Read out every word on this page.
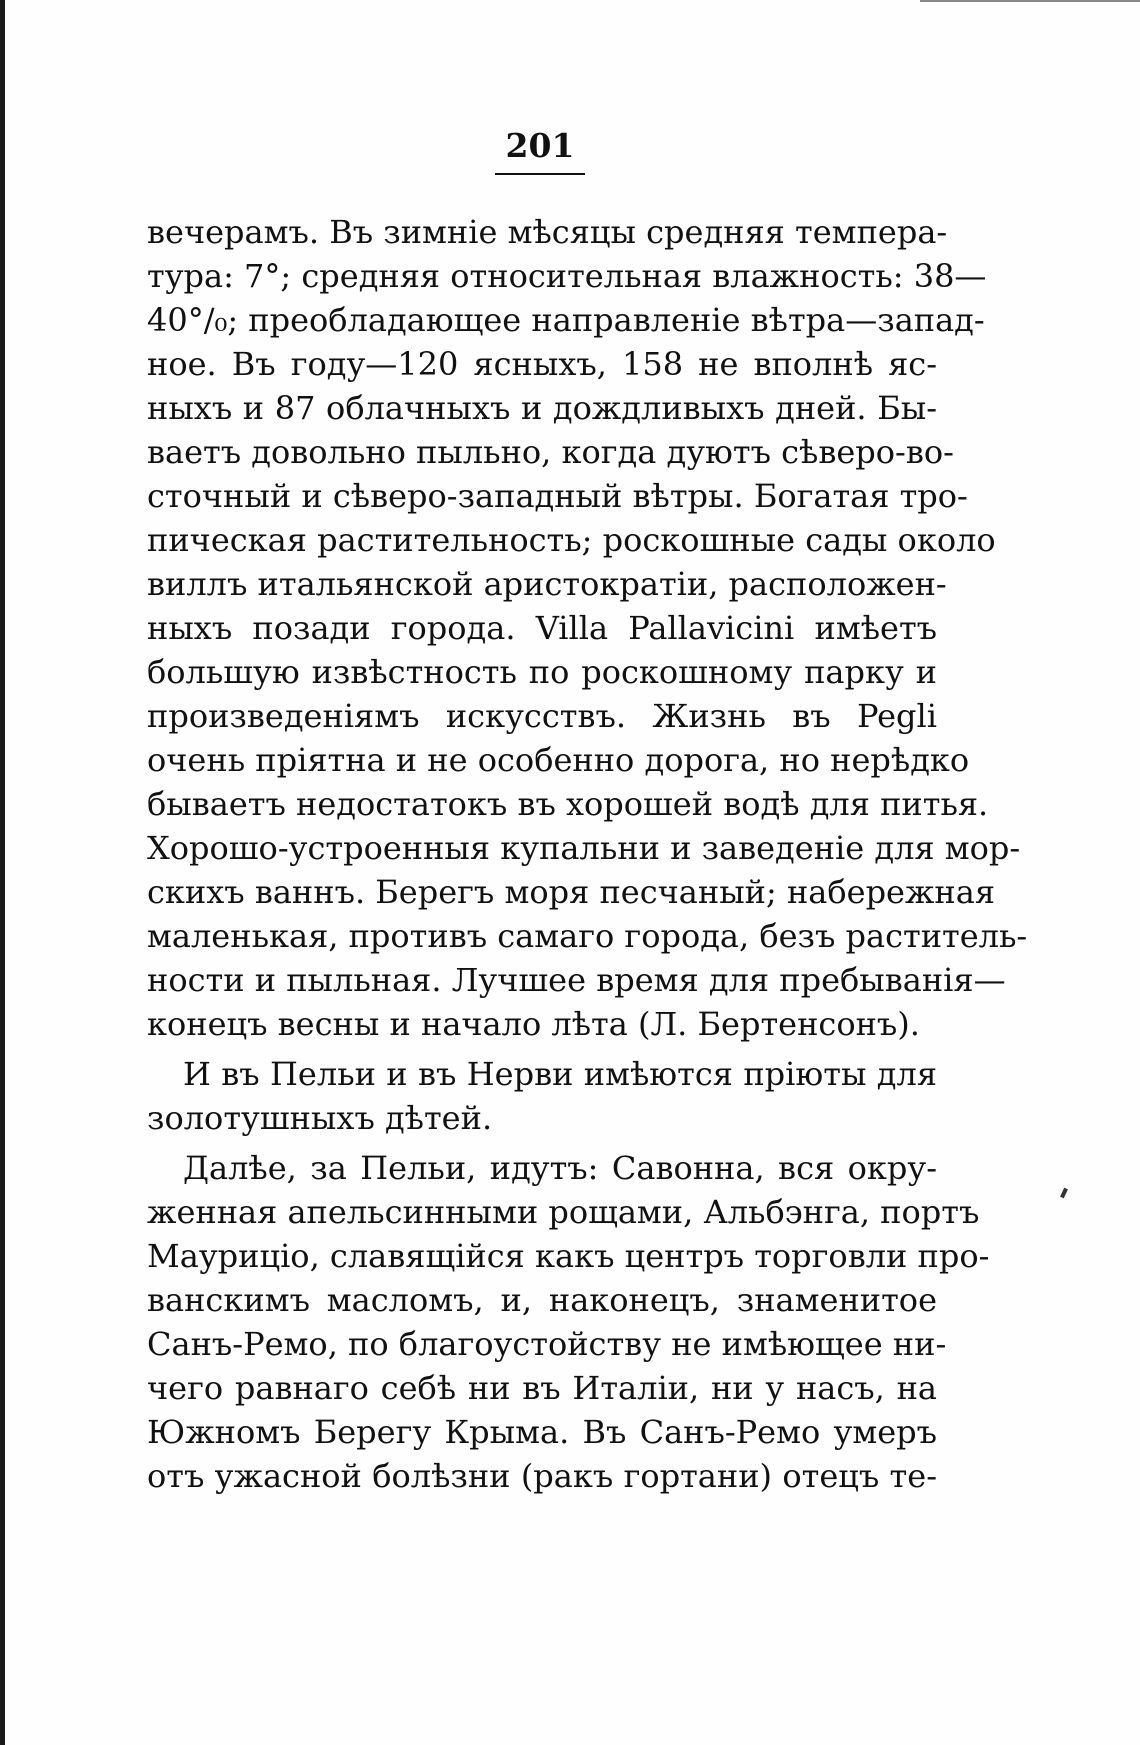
201
вечерамъ. Въ зимніе мѣсяцы средняя темпера-
тура: 7°; средняя относительная влажность: 38—
40°/₀; преобладающее направленіе вѣтра—запад-
ное. Въ году—120 ясныхъ, 158 не вполнѣ яс-
ныхъ и 87 облачныхъ и дождливыхъ дней. Бы-
ваетъ довольно пыльно, когда дуютъ сѣверо-во-
сточный и сѣверо-западный вѣтры. Богатая тро-
пическая растительность; роскошные сады около
виллъ итальянской аристократіи, расположен-
ныхъ позади города. Villa Pallavicini имѣетъ
большую извѣстность по роскошному парку и
произведеніямъ искусствъ. Жизнь въ Pegli
очень пріятна и не особенно дорога, но нерѣдко
бываетъ недостатокъ въ хорошей водѣ для питья.
Хорошо-устроенныя купальни и заведеніе для мор-
скихъ ваннъ. Берегъ моря песчаный; набережная
маленькая, противъ самаго города, безъ раститель-
ности и пыльная. Лучшее время для пребыванія—
конецъ весны и начало лѣта (Л. Бертенсонъ).
И въ Пельи и въ Нерви имѣются пріюты для
золотушныхъ дѣтей.
Далѣе, за Пельи, идутъ: Савонна, вся окру-
женная апельсинными рощами, Альбэнга, портъ
Маурицiо, славящiйся какъ центръ торговли про-
ванскимъ масломъ, и, наконецъ, знаменитое
Санъ-Ремо, по благоустойству не имѣющее ни-
чего равнаго себѣ ни въ Италіи, ни у насъ, на
Южномъ Берегу Крыма. Въ Санъ-Ремо умеръ
отъ ужасной болѣзни (ракъ гортани) отецъ те-
